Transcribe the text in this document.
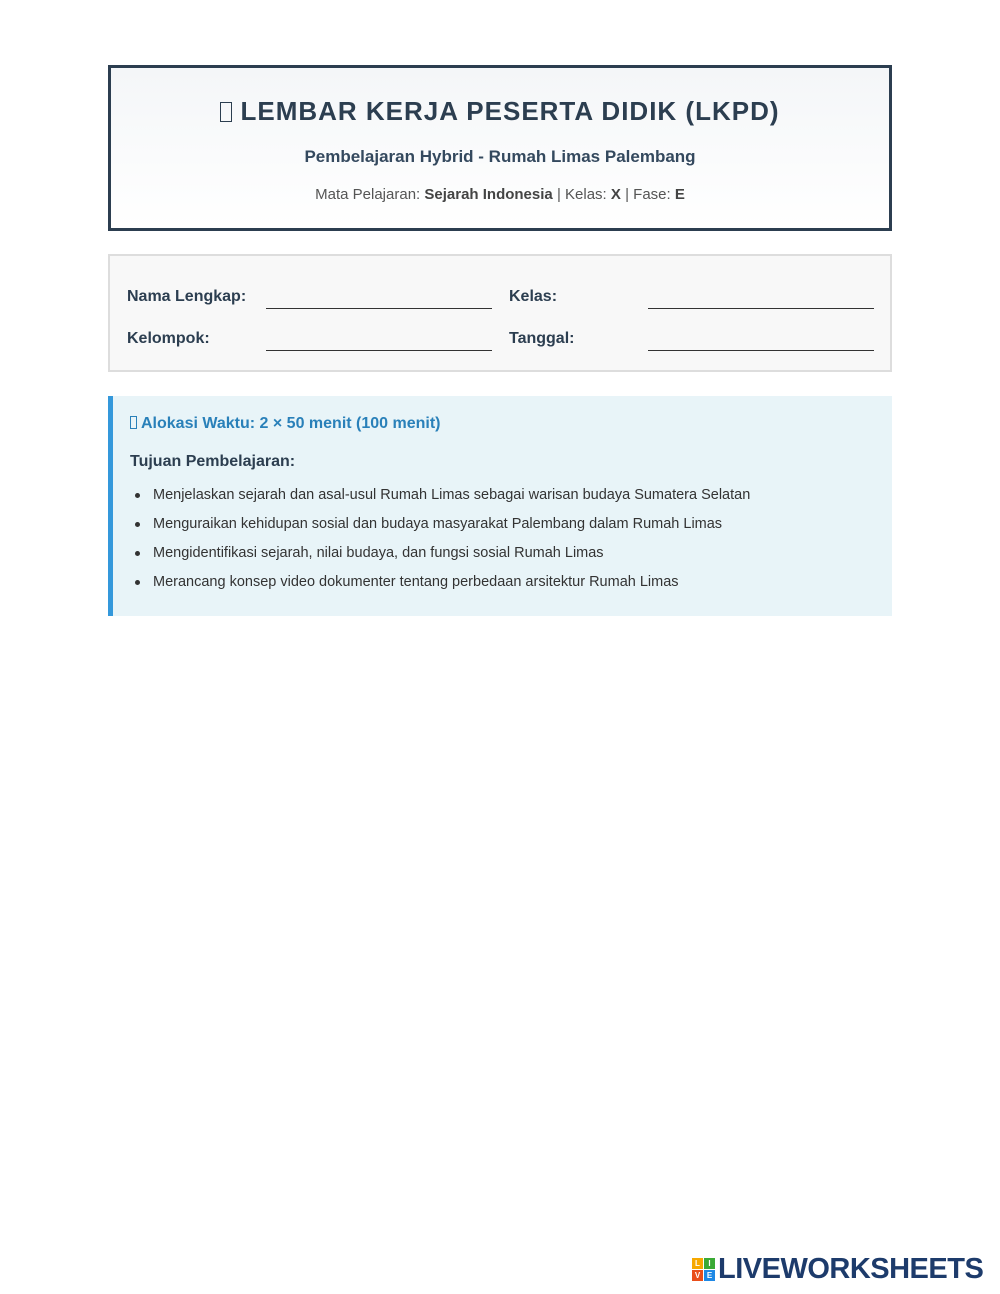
LEMBAR KERJA PESERTA DIDIK (LKPD)
Pembelajaran Hybrid - Rumah Limas Palembang
Mata Pelajaran: Sejarah Indonesia | Kelas: X | Fase: E
Nama Lengkap:	Kelas:
Kelompok:	Tanggal:
Alokasi Waktu: 2 × 50 menit (100 menit)
Tujuan Pembelajaran:
Menjelaskan sejarah dan asal-usul Rumah Limas sebagai warisan budaya Sumatera Selatan
Menguraikan kehidupan sosial dan budaya masyarakat Palembang dalam Rumah Limas
Mengidentifikasi sejarah, nilai budaya, dan fungsi sosial Rumah Limas
Merancang konsep video dokumenter tentang perbedaan arsitektur Rumah Limas
L	I
V E LIVEWORKSHEETS
